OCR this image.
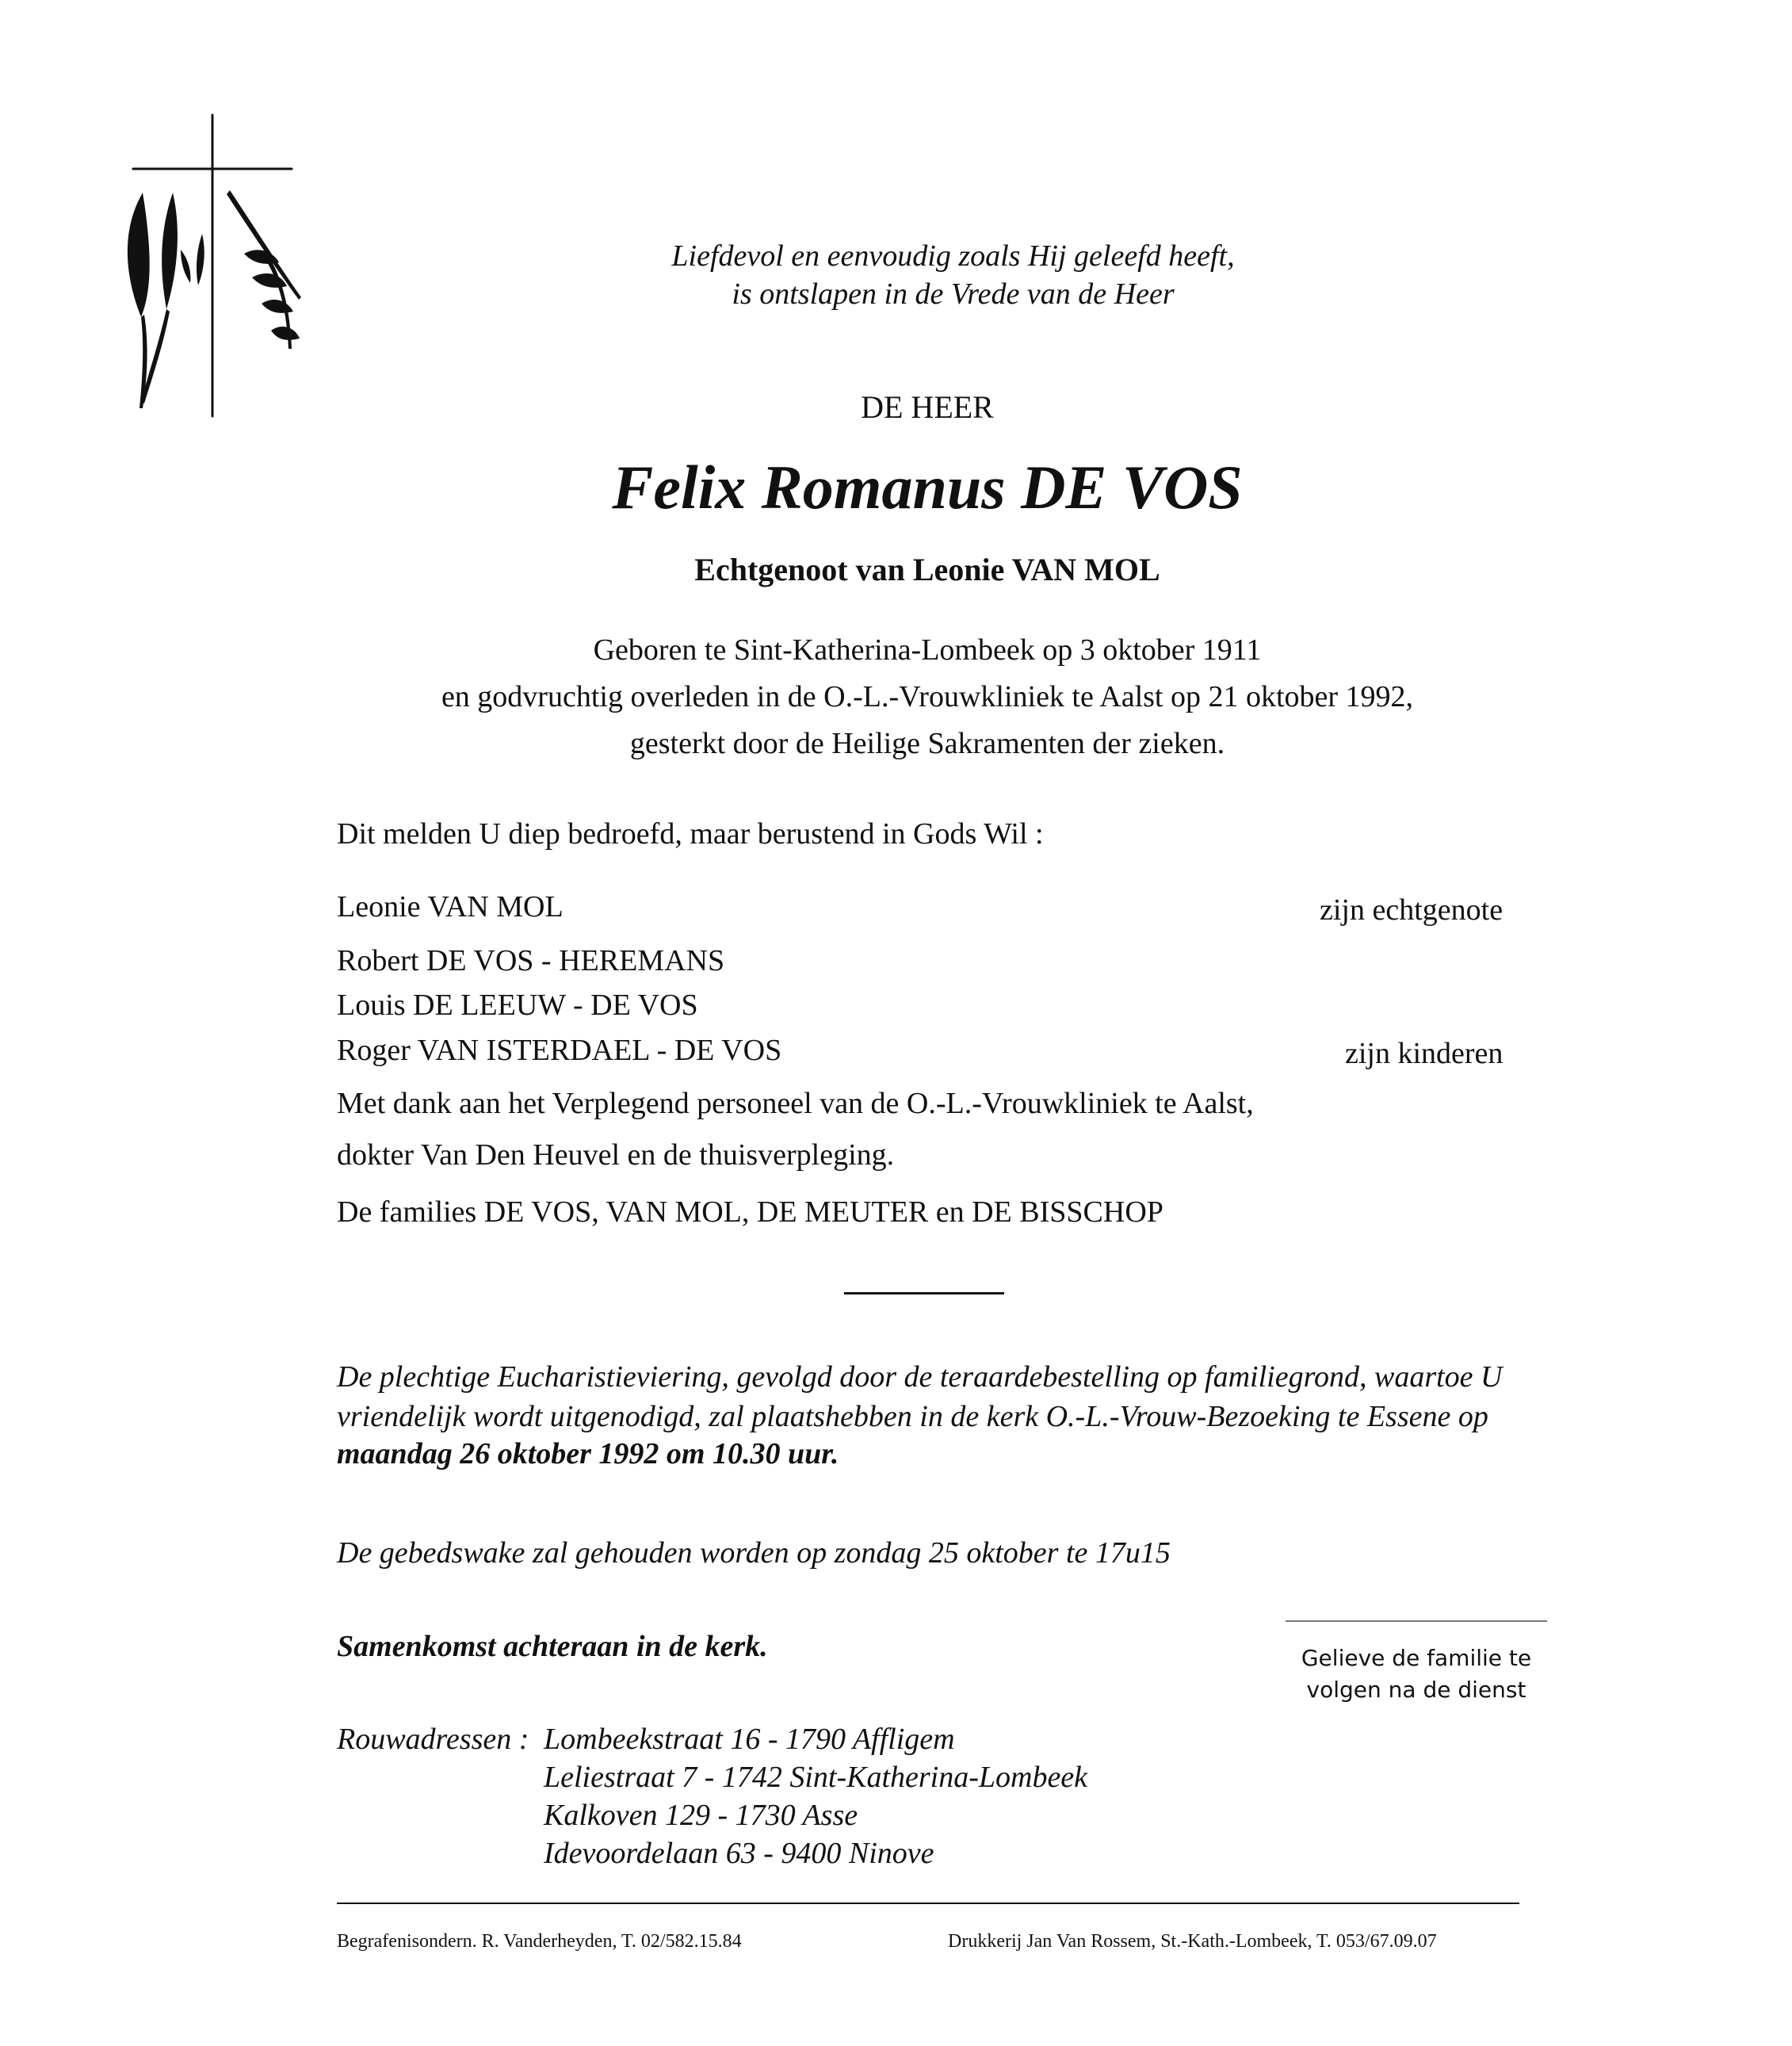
Liefdevol en eenvoudig zoals Hij geleefd heeft,
is ontslapen in de Vrede van de Heer
DE HEER
Felix Romanus DE VOS
Echtgenoot van Leonie VAN MOL
Geboren te Sint-Katherina-Lombeek op 3 oktober 1911
en godvruchtig overleden in de O.-L.-Vrouwkliniek te Aalst op 21 oktober 1992,
gesterkt door de Heilige Sakramenten der zieken.
Dit melden U diep bedroefd, maar berustend in Gods Wil :
Leonie VAN MOL	zijn echtgenote
Robert DE VOS - HEREMANS
Louis DE LEEUW - DE VOS
Roger VAN ISTERDAEL - DE VOS	zijn kinderen
Met dank aan het Verplegend personeel van de O.-L.-Vrouwkliniek te Aalst,
dokter Van Den Heuvel en de thuisverpleging.
De families DE VOS, VAN MOL, DE MEUTER en DE BISSCHOP
De plechtige Eucharistieviering, gevolgd door de teraardebestelling op familiegrond, waartoe U vriendelijk wordt uitgenodigd, zal plaatshebben in de kerk O.-L.-Vrouw-Bezoeking te Essene op
maandag 26 oktober 1992 om 10.30 uur.
De gebedswake zal gehouden worden op zondag 25 oktober te 17u15
Samenkomst achteraan in de kerk.	Gelieve de familie te volgen na de dienst
Rouwadressen : Lombeekstraat 16 - 1790 Affligem
Leliestraat 7 - 1742 Sint-Katherina-Lombeek
Kalkoven 129 - 1730 Asse
Idevoordelaan 63 - 9400 Ninove
Begrafenisondern. R. Vanderheyden, T. 02/582.15.84	Drukkerij Jan Van Rossem, St.-Kath.-Lombeek, T. 053/67.09.07
